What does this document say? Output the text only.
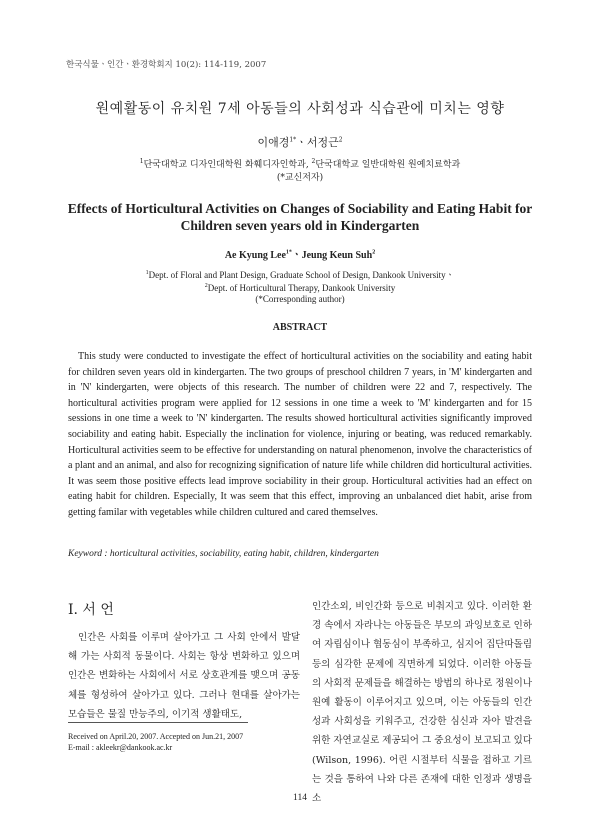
한국식물ㆍ인간ㆍ환경학회지 10(2): 114-119, 2007
원예활동이 유치원 7세 아동들의 사회성과 식습관에 미치는 영향
이애경$^{1*}$ㆍ서정근$^2$
$^1$단국대학교 디자인대학원 화훼디자인학과, $^2$단국대학교 일반대학원 원예치료학과
(*교신저자)
Effects of Horticultural Activities on Changes of Sociability and Eating Habit for
Children seven years old in Kindergarten
Ae Kyung Lee$^{1*}$ㆍJeung Keun Suh$^2$
$^1$Dept. of Floral and Plant Design, Graduate School of Design, Dankook Universityㆍ
$^2$Dept. of Horticultural Therapy, Dankook University
(*Corresponding author)
ABSTRACT

This study were conducted to investigate the effect of horticultural activities on the sociability and eating habit for children seven years old in kindergarten. The two groups of preschool children 7 years, in 'M' kindergarten and in 'N' kindergarten, were objects of this research. The number of children were 22 and 7, respectively. The horticultural activities program were applied for 12 sessions in one time a week to 'M' kindergarten and for 15 sessions in one time a week to 'N' kindergarten. The results showed horticultural activities significantly improved sociability and eating habit. Especially the inclination for violence, injuring or beating, was reduced remarkably. Horticultural activities seem to be effective for understanding on natural phenomenon, involve the characteristics of a plant and an animal, and also for recognizing signification of nature life while children did horticultural activities. It was seem those positive effects lead improve sociability in their group. Horticultural activities had an effect on eating habit for children. Especially, It was seem that this effect, improving an unbalanced diet habit, arise from getting familar with vegetables while children cultured and cared themselves.

Keyword : horticultural activities, sociability, eating habit, children, kindergarten
Ⅰ. 서 언

인간은 사회를 이루며 살아가고 그 사회 안에서 발달해 가는 사회적 동물이다. 사회는 항상 변화하고 있으며 인간은 변화하는 사회에서 서로 상호관계를 맺으며 공동체를 형성하여 살아가고 있다. 그러나 현대를 살아가는 모습들은 물질 만능주의, 이기적 생활태도,

Received on April.20, 2007. Accepted on Jun.21, 2007
E-mail : akleekr@dankook.ac.kr

인간소외, 비인간화 등으로 비춰지고 있다. 이러한 환경 속에서 자라나는 아동들은 부모의 과잉보호로 인하여 자립심이나 협동심이 부족하고, 심지어 집단따돌림 등의 심각한 문제에 직면하게 되었다. 이러한 아동들의 사회적 문제들을 해결하는 방법의 하나로 정원이나 원예 활동이 이루어지고 있으며, 이는 아동들의 인간성과 사회성을 키워주고, 건강한 심신과 자아 발견을 위한 자연교실로 제공되어 그 중요성이 보고되고 있다 (Wilson, 1996). 어린 시절부터 식물을 접하고 기르는 것을 통하여 나와 다른 존재에 대한 인정과 생명을 소

114
